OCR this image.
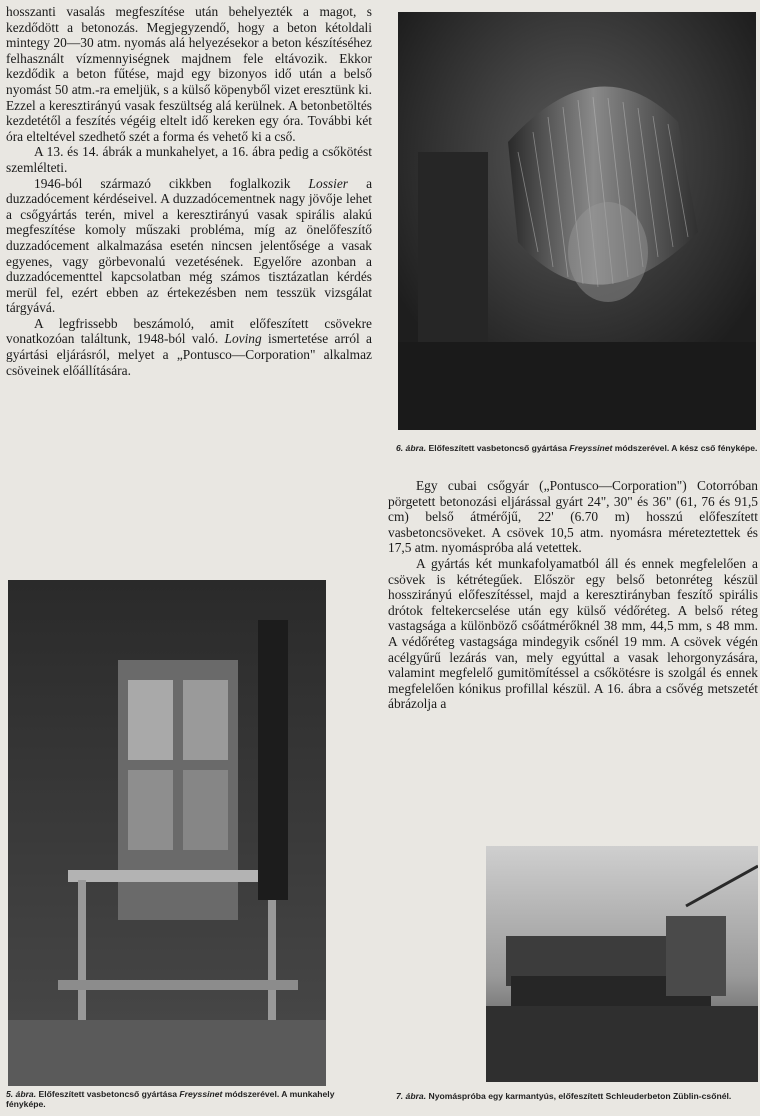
hosszanti vasalás megfeszítése után behelyezték a magot, s kezdődött a betonozás. Megjegyzendő, hogy a beton kétoldali mintegy 20—30 atm. nyomás alá helyezésekor a beton készítéséhez felhasznált vízmennyiségnek majdnem fele eltávozik. Ekkor kezdődik a beton fűtése, majd egy bizonyos idő után a belső nyomást 50 atm.-ra emeljük, s a külső köpenyből vizet eresztünk ki. Ezzel a keresztirányú vasak feszültség alá kerülnek. A betonbetöltés kezdetétől a feszítés végéig eltelt idő kereken egy óra. További két óra elteltével szedhető szét a forma és vehető ki a cső.

A 13. és 14. ábrák a munkahelyet, a 16. ábra pedig a csőkötést szemlélteti.

1946-ból származó cikkben foglalkozik Lossier a duzzadócement kérdéseivel. A duzzadócementnek nagy jövője lehet a csőgyártás terén, mivel a keresztirányú vasak spirális alakú megfeszítése komoly műszaki probléma, míg az önelőfeszítő duzzadócement alkalmazása esetén nincsen jelentősége a vasak egyenes, vagy görbevonalú vezetésének. Egyelőre azonban a duzzadócementtel kapcsolatban még számos tisztázatlan kérdés merül fel, ezért ebben az értekezésben nem tesszük vizsgálat tárgyává.

A legfrissebb beszámoló, amit előfeszített csövekre vonatkozóan találtunk, 1948-ból való. Loving ismertetése arról a gyártási eljárásról, melyet a „Pontusco—Corporation" alkalmaz csöveinek előállítására.

6. ábra. Előfeszített vasbetoncső gyártása Freyssinet módszerével. A kész cső fényképe.

Egy cubai csőgyár („Pontusco—Corporation") Cotorróban pörgetett betonozási eljárással gyárt 24", 30" és 36" (61, 76 és 91,5 cm) belső átmérőjű, 22' (6.70 m) hosszú előfeszített vasbetoncsöveket. A csövek 10,5 atm. nyomásra méreteztettek és 17,5 atm. nyomáspróba alá vetettek.

A gyártás két munkafolyamatból áll és ennek megfelelően a csövek is kétrétegűek. Először egy belső betonréteg készül hosszirányú előfeszítéssel, majd a keresztirányban feszítő spirális drótok feltekercselése után egy külső védőréteg. A belső réteg vastagsága a különböző csőátmérőknél 38 mm, 44,5 mm, s 48 mm. A védőréteg vastagsága mindegyik csőnél 19 mm. A csövek végén acélgyűrű lezárás van, mely egyúttal a vasak lehorgonyzására, valamint megfelelő gumitömítéssel a csőkötésre is szolgál és ennek megfelelően kónikus profillal készül. A 16. ábra a csővég metszetét ábrázolja a

5. ábra. Előfeszített vasbetoncső gyártása Freyssinet módszerével. A munkahely fényképe.
7. ábra. Nyomáspróba egy karmantyús, előfeszített Schleuderbeton Züblin-csőnél.
